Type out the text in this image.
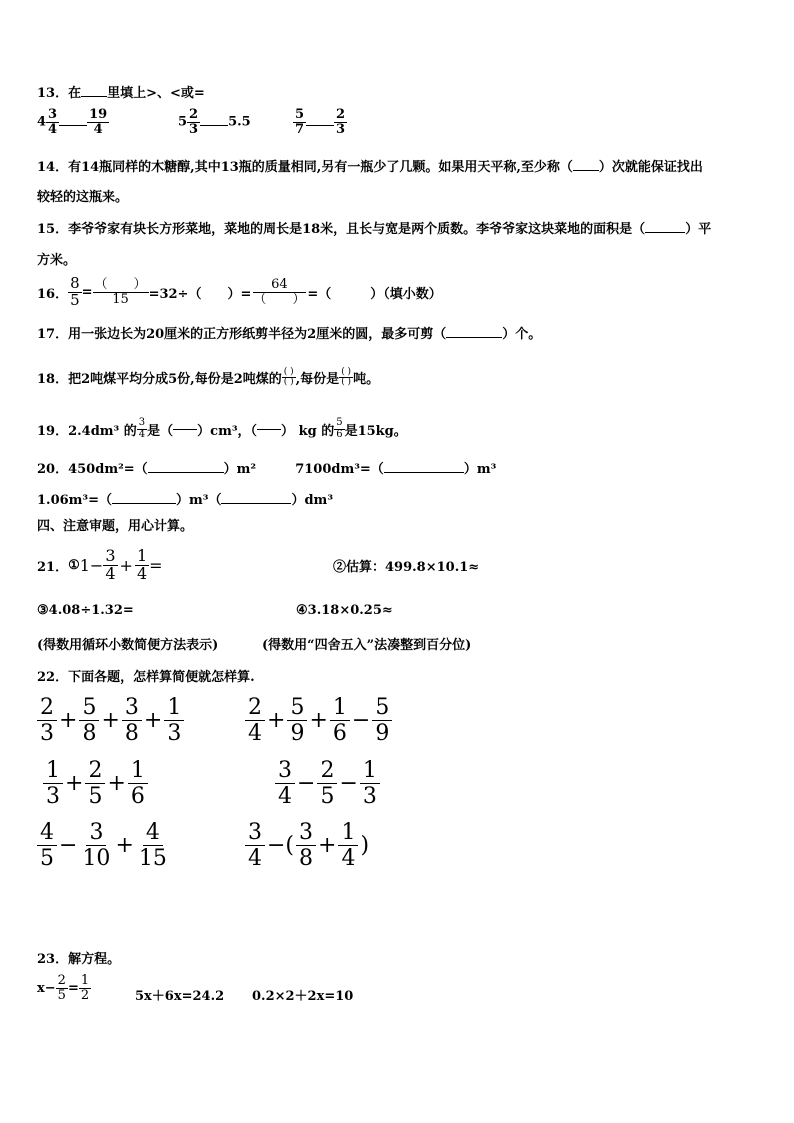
13．在 里填上>、<或=
$4 \frac{3}{4} \frac{19}{4}$	$5 \frac{2}{3} 5.5$	$\frac{5}{7} \frac{2}{3}$
14．有14瓶同样的木糖醇,其中13瓶的质量相同,另有一瓶少了几颗。如果用天平称,至少称（ ）次就能保证找出
较轻的这瓶来。
15．李爷爷家有块长方形菜地，菜地的周长是18米，且长与宽是两个质数。李爷爷家这块菜地的面积是（	）平
方米。
16． $\frac{8}{5} = \frac{( )}{15} =32\div$（　　）= $\frac{64}{( )}$ =（　　　）（填小数）
17．用一张边长为20厘米的正方形纸剪半径为2厘米的圆，最多可剪（	）个。
18．把2吨煤平均分成5份,每份是2吨煤的 $\frac{( )}{( )}$ ,每份是 $\frac{( )}{( )}$ 吨。
19．2.4dm³ 的 $\frac{3}{4}$ 是（ ）cm³，（ ） kg 的 $\frac{5}{6}$ 是15kg。
20．450dm²=（	）m²	7100dm³=（	）m³
1.06m³=（	）m³（	）dm³
四、注意审题，用心计算。
21． ① $1- \frac{3}{4} + \frac{1}{4}$ =	②估算：499.8×10.1≈
③4.08÷1.32=	④3.18×0.25≈
(得数用循环小数简便方法表示)	(得数用“四舍五入”法凑整到百分位)
22．下面各题，怎样算简便就怎样算.
$\frac{2}{3} + \frac{5}{8} + \frac{3}{8} + \frac{1}{3}$	$\frac{2}{4} + \frac{5}{9} + \frac{1}{6} - \frac{5}{9}$
$\frac{1}{3} + \frac{2}{5} + \frac{1}{6}$	$\frac{3}{4} - \frac{2}{5} - \frac{1}{3}$
$\frac{4}{5} - \frac{3}{10} + \frac{4}{15}$	$\frac{3}{4}$ −( $\frac{3}{8} + \frac{1}{4}$ )
23．解方程。
$x- \frac{2}{5} = \frac{1}{2}$	5x＋6x=24.2 0.2×2＋2x=10
